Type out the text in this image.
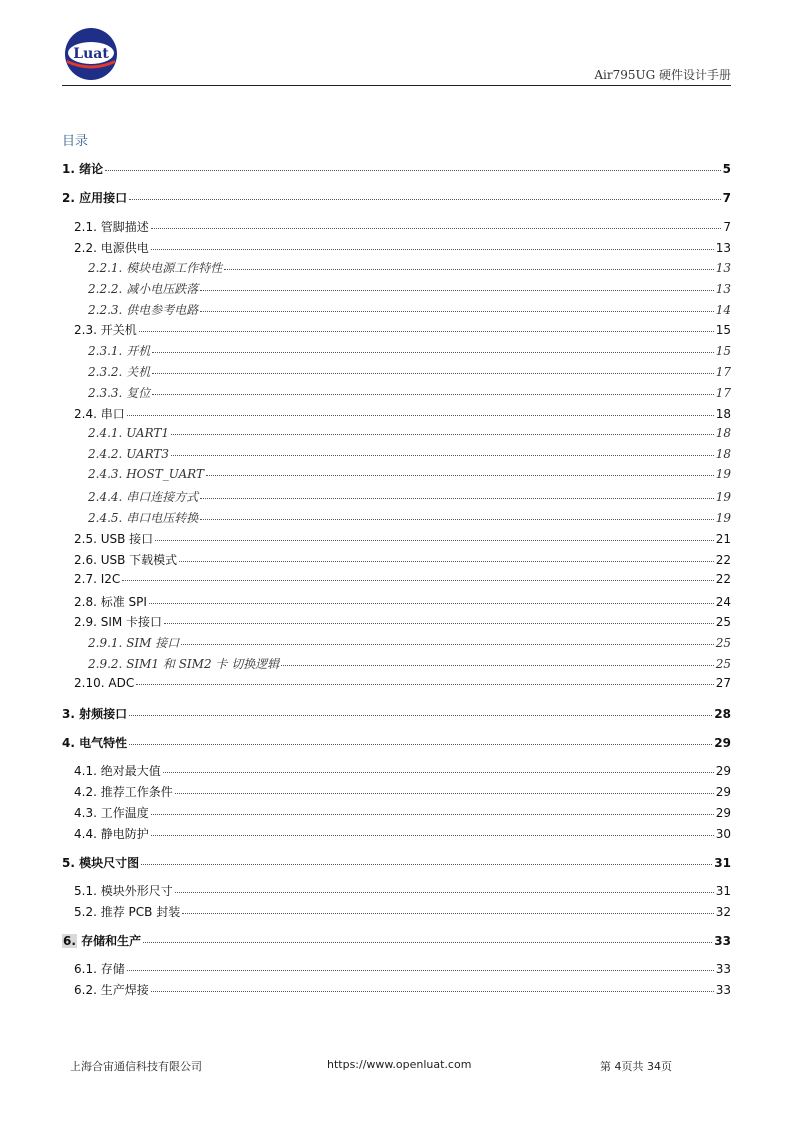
Luat
Air795UG 硬件设计手册
目录
1. 绪论	5
2. 应用接口	7
2.1. 管脚描述	7
2.2. 电源供电	13
2.2.1. 模块电源工作特性	13
2.2.2. 减小电压跌落	13
2.2.3. 供电参考电路	14
2.3. 开关机	15
2.3.1. 开机	15
2.3.2. 关机	17
2.3.3. 复位	17
2.4. 串口	18
2.4.1. UART1	18
2.4.2. UART3	18
2.4.3. HOST_UART	19
2.4.4. 串口连接方式	19
2.4.5. 串口电压转换	19
2.5. USB 接口	21
2.6. USB 下载模式	22
2.7. I2C	22
2.8. 标准 SPI	24
2.9. SIM 卡接口	25
2.9.1. SIM 接口	25
2.9.2. SIM1 和 SIM2 卡 切换逻辑	25
2.10. ADC	27
3. 射频接口	28
4. 电气特性	29
4.1. 绝对最大值	29
4.2. 推荐工作条件	29
4.3. 工作温度	29
4.4. 静电防护	30
5. 模块尺寸图	31
5.1. 模块外形尺寸	31
5.2. 推荐 PCB 封装	32
6. 存储和生产	33
6.1. 存储	33
6.2. 生产焊接	33
上海合宙通信科技有限公司	https://www.openluat.com	第 4页共 34页
